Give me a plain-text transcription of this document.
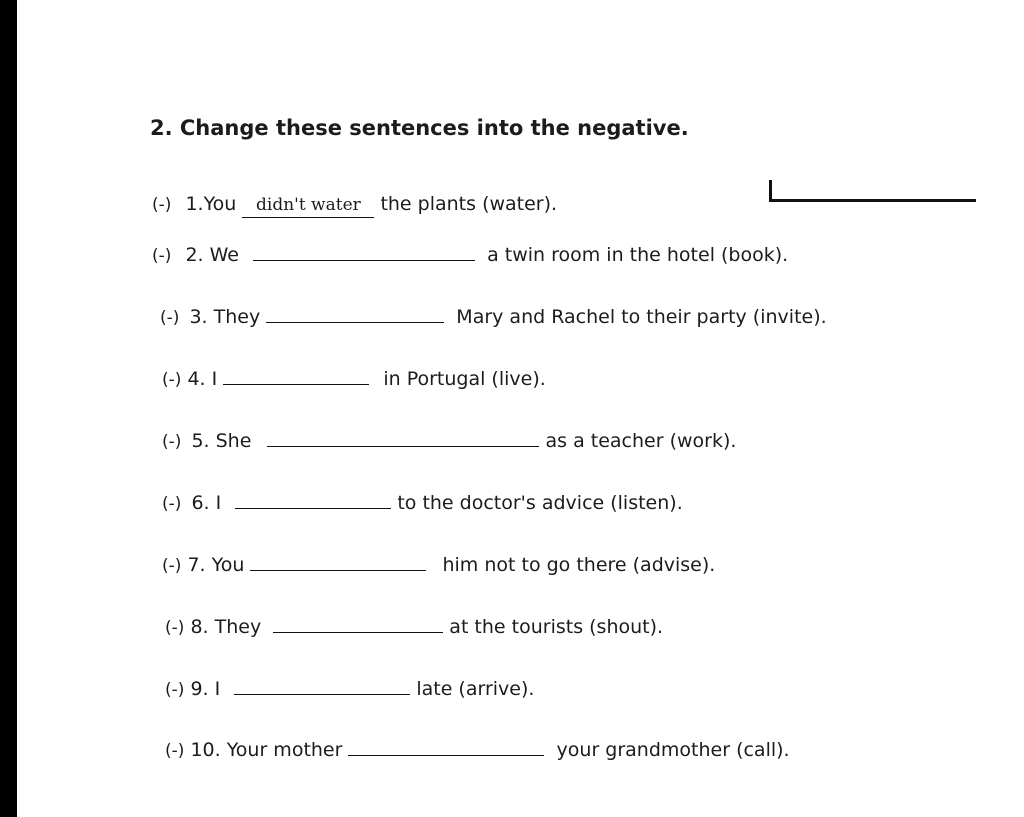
2. Change these sentences into the negative.
(-) 1.You didn't water the plants (water).
(-) 2. We	a twin room in the hotel (book).
(-) 3. They	Mary and Rachel to their party (invite).
(-) 4. I	in Portugal (live).
(-) 5. She	as a teacher (work).
(-) 6. I	to the doctor's advice (listen).
(-) 7. You	him not to go there (advise).
(-) 8. They	at the tourists (shout).
(-) 9. I	late (arrive).
(-) 10. Your mother	your grandmother (call).
